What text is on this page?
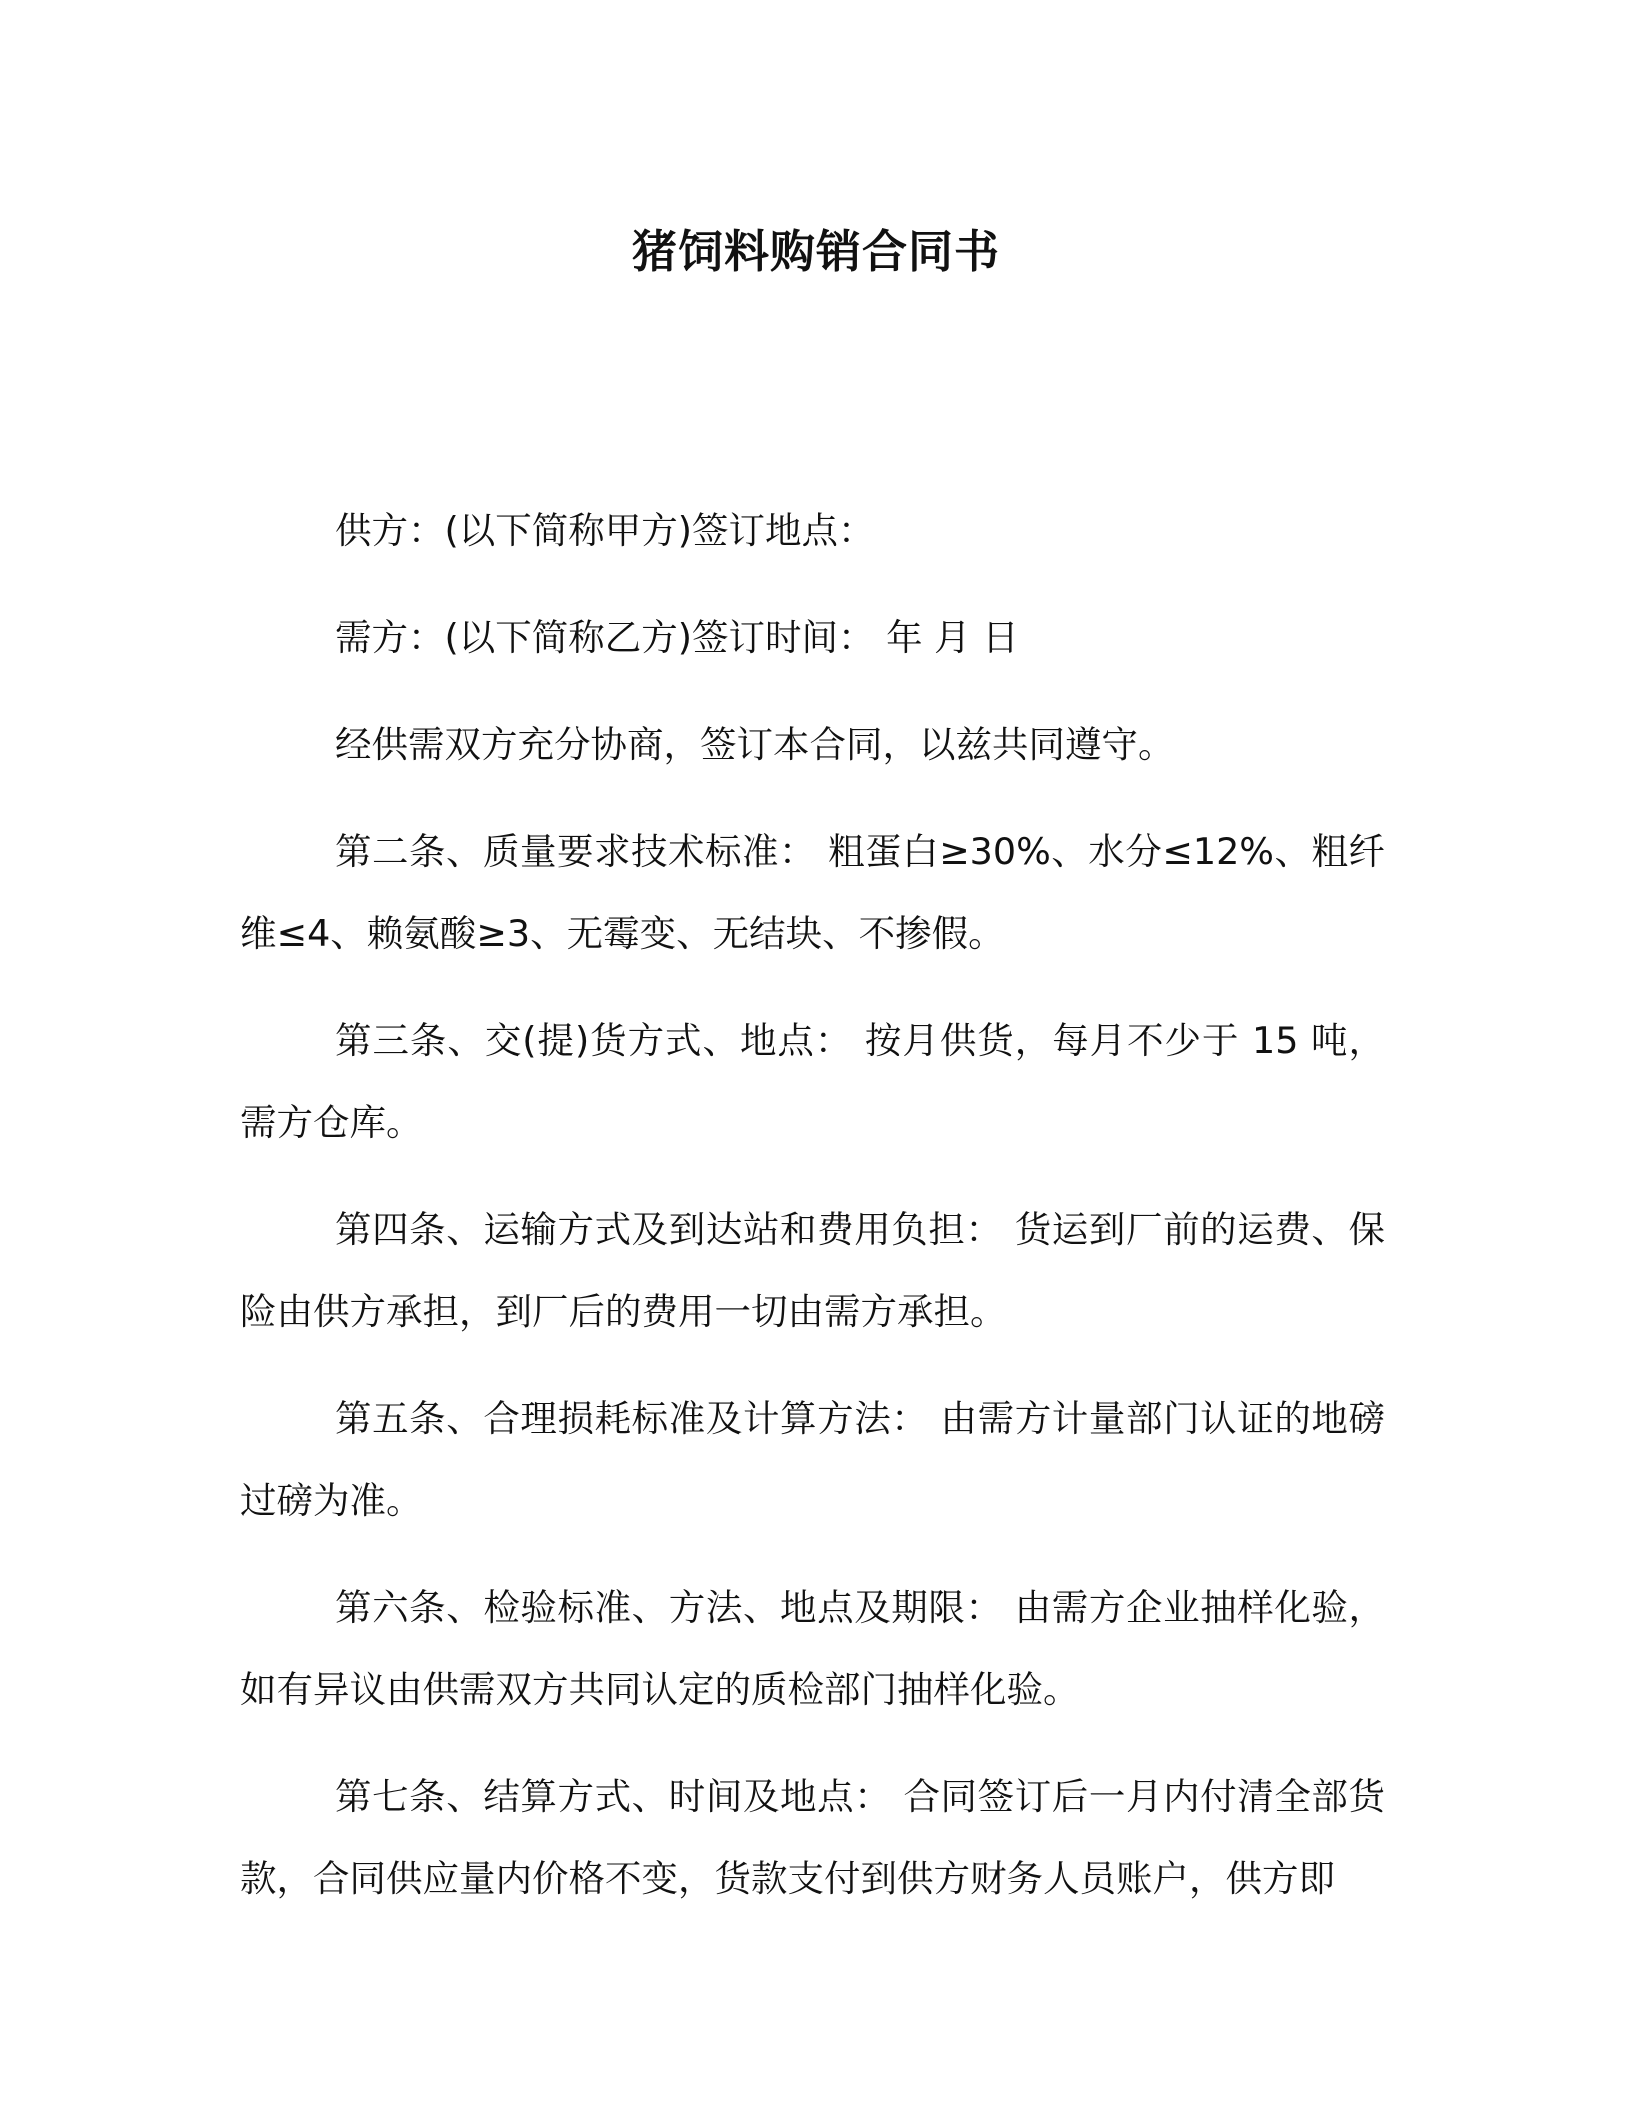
猪饲料购销合同书

供方：(以下简称甲方)签订地点：

需方：(以下简称乙方)签订时间： 年 月 日

经供需双方充分协商，签订本合同，以兹共同遵守。

第二条、质量要求技术标准： 粗蛋白≥30%、水分≤12%、粗纤维≤4、赖氨酸≥3、无霉变、无结块、不掺假。

第三条、交(提)货方式、地点： 按月供货，每月不少于 15 吨，需方仓库。

第四条、运输方式及到达站和费用负担： 货运到厂前的运费、保险由供方承担，到厂后的费用一切由需方承担。

第五条、合理损耗标准及计算方法： 由需方计量部门认证的地磅过磅为准。

第六条、检验标准、方法、地点及期限： 由需方企业抽样化验，如有异议由供需双方共同认定的质检部门抽样化验。

第七条、结算方式、时间及地点： 合同签订后一月内付清全部货款，合同供应量内价格不变，货款支付到供方财务人员账户，供方即
